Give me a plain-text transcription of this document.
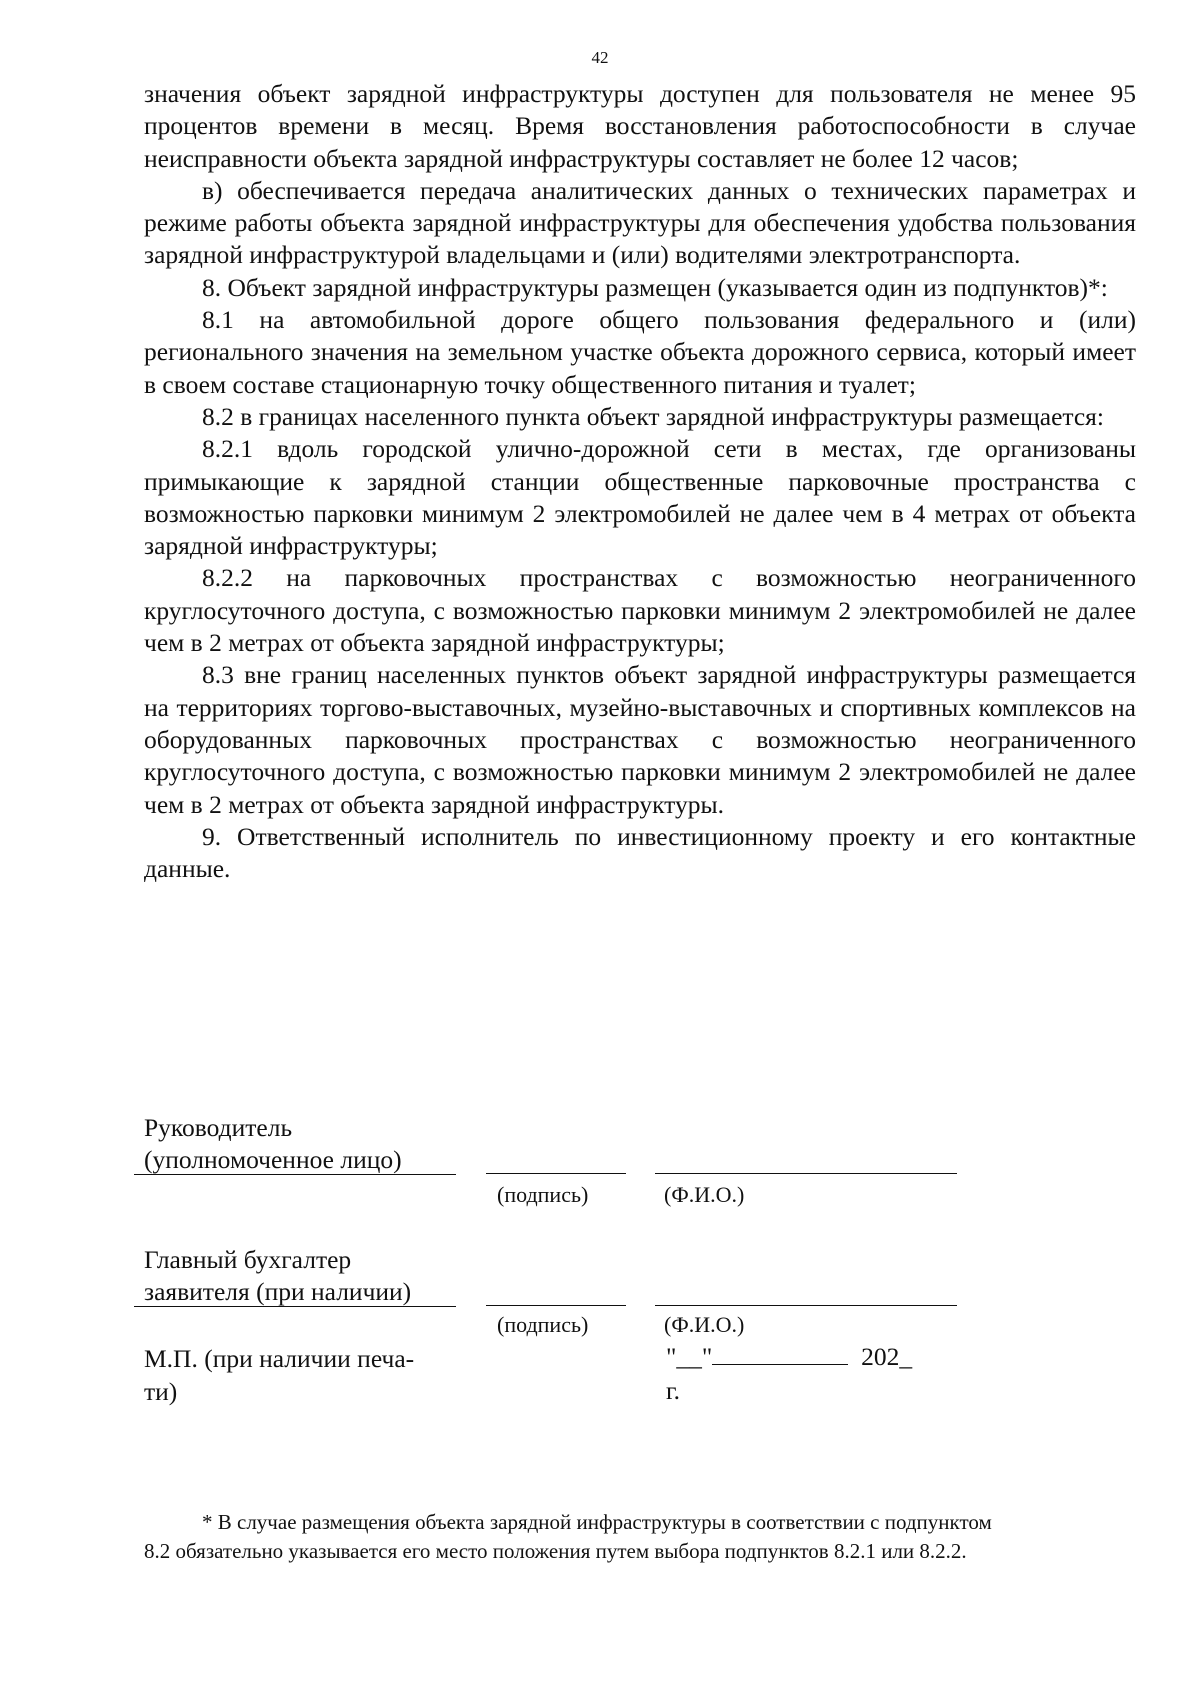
42

значения объект зарядной инфраструктуры доступен для пользователя не менее 95 процентов времени в месяц. Время восстановления работоспособности в случае неисправности объекта зарядной инфраструктуры составляет не более 12 часов;

в) обеспечивается передача аналитических данных о технических параметрах и режиме работы объекта зарядной инфраструктуры для обеспечения удобства пользования зарядной инфраструктурой владельцами и (или) водителями электротранспорта.

8. Объект зарядной инфраструктуры размещен (указывается один из подпунктов)*:

8.1 на автомобильной дороге общего пользования федерального и (или) регионального значения на земельном участке объекта дорожного сервиса, который имеет в своем составе стационарную точку общественного питания и туалет;

8.2 в границах населенного пункта объект зарядной инфраструктуры размещается:

8.2.1 вдоль городской улично-дорожной сети в местах, где организованы примыкающие к зарядной станции общественные парковочные пространства с возможностью парковки минимум 2 электромобилей не далее чем в 4 метрах от объекта зарядной инфраструктуры;

8.2.2 на парковочных пространствах с возможностью неограниченного круглосуточного доступа, с возможностью парковки минимум 2 электромобилей не далее чем в 2 метрах от объекта зарядной инфраструктуры;

8.3 вне границ населенных пунктов объект зарядной инфраструктуры размещается на территориях торгово-выставочных, музейно-выставочных и спортивных комплексов на оборудованных парковочных пространствах с возможностью неограниченного круглосуточного доступа, с возможностью парковки минимум 2 электромобилей не далее чем в 2 метрах от объекта зарядной инфраструктуры.

9. Ответственный исполнитель по инвестиционному проекту и его контактные данные.

Руководитель
(уполномоченное лицо)
(подпись)	(Ф.И.О.)
Главный бухгалтер
заявителя (при наличии)
(подпись)	(Ф.И.О.)
М.П. (при наличии печа-
ти)
"__"	202_
г.

* В случае размещения объекта зарядной инфраструктуры в соответствии с подпунктом

8.2 обязательно указывается его место положения путем выбора подпунктов 8.2.1 или 8.2.2.
